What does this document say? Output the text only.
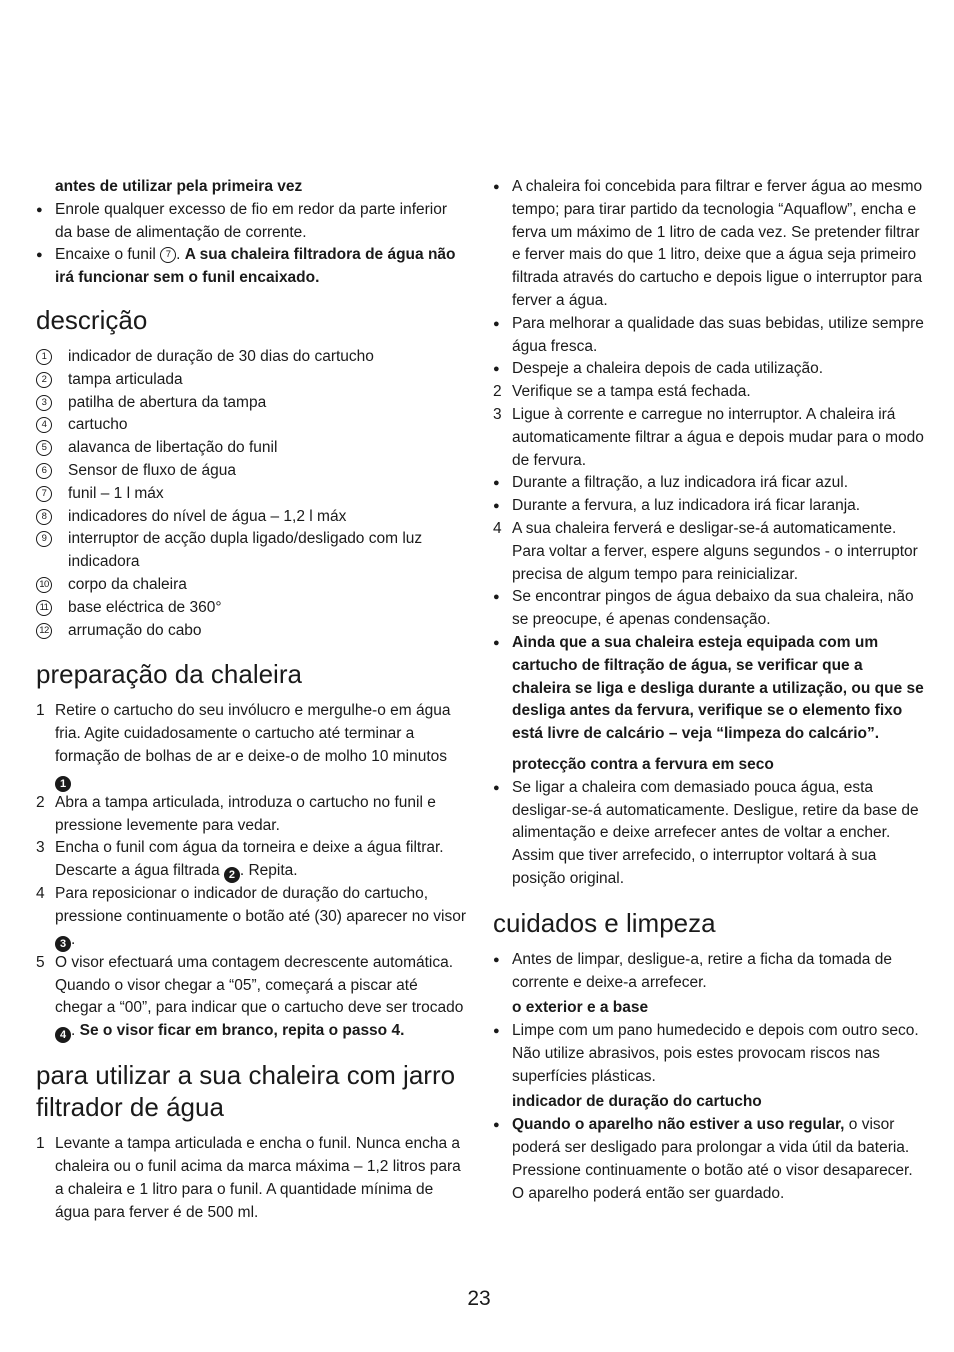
antes de utilizar pela primeira vez
● Enrole qualquer excesso de fio em redor da parte inferior da base de alimentação de corrente.
● Encaixe o funil 7 . A sua chaleira filtradora de água não irá funcionar sem o funil encaixado.
descrição
1	indicador de duração de 30 dias do cartucho
2	tampa articulada
3	patilha de abertura da tampa
4	cartucho
5	alavanca de libertação do funil
6	Sensor de fluxo de água
7	funil – 1 l máx
8	indicadores do nível de água – 1,2 l máx
9	interruptor de acção dupla ligado/desligado com luz indicadora
10 corpo da chaleira
11 base eléctrica de 360°
12 arrumação do cabo
preparação da chaleira
1 Retire o cartucho do seu invólucro e mergulhe-o em água fria. Agite cuidadosamente o cartucho até terminar a formação de bolhas de ar e deixe-o de molho 10 minutos 1
2 Abra a tampa articulada, introduza o cartucho no funil e pressione levemente para vedar.
3 Encha o funil com água da torneira e deixe a água filtrar. Descarte a água filtrada 2 . Repita.
4 Para reposicionar o indicador de duração do cartucho, pressione continuamente o botão até (30) aparecer no visor 3 .
5 O visor efectuará uma contagem decrescente automática. Quando o visor chegar a “05”, começará a piscar até chegar a “00”, para indicar que o cartucho deve ser trocado 4 . Se o visor ficar em branco, repita o passo 4.
para utilizar a sua chaleira com jarro filtrador de água
1 Levante a tampa articulada e encha o funil. Nunca encha a chaleira ou o funil acima da marca máxima – 1,2 litros para a chaleira e 1 litro para o funil. A quantidade mínima de água para ferver é de 500 ml.
● A chaleira foi concebida para filtrar e ferver água ao mesmo tempo; para tirar partido da tecnologia “Aquaflow”, encha e ferva um máximo de 1 litro de cada vez. Se pretender filtrar e ferver mais do que 1 litro, deixe que a água seja primeiro filtrada através do cartucho e depois ligue o interruptor para ferver a água.
● Para melhorar a qualidade das suas bebidas, utilize sempre água fresca.
● Despeje a chaleira depois de cada utilização.
2 Verifique se a tampa está fechada.
3 Ligue à corrente e carregue no interruptor. A chaleira irá automaticamente filtrar a água e depois mudar para o modo de fervura.
● Durante a filtração, a luz indicadora irá ficar azul.
● Durante a fervura, a luz indicadora irá ficar laranja.
4 A sua chaleira ferverá e desligar-se-á automaticamente. Para voltar a ferver, espere alguns segundos - o interruptor precisa de algum tempo para reinicializar.
● Se encontrar pingos de água debaixo da sua chaleira, não se preocupe, é apenas condensação.
● Ainda que a sua chaleira esteja equipada com um cartucho de filtração de água, se verificar que a chaleira se liga e desliga durante a utilização, ou que se desliga antes da fervura, verifique se o elemento fixo está livre de calcário – veja “limpeza do calcário”.
protecção contra a fervura em seco
● Se ligar a chaleira com demasiado pouca água, esta desligar-se-á automaticamente. Desligue, retire da base de alimentação e deixe arrefecer antes de voltar a encher. Assim que tiver arrefecido, o interruptor voltará à sua posição original.
cuidados e limpeza
● Antes de limpar, desligue-a, retire a ficha da tomada de corrente e deixe-a arrefecer.
o exterior e a base
● Limpe com um pano humedecido e depois com outro seco. Não utilize abrasivos, pois estes provocam riscos nas superfícies plásticas.
indicador de duração do cartucho
● Quando o aparelho não estiver a uso regular, o visor poderá ser desligado para prolongar a vida útil da bateria. Pressione continuamente o botão até o visor desaparecer. O aparelho poderá então ser guardado.
23
